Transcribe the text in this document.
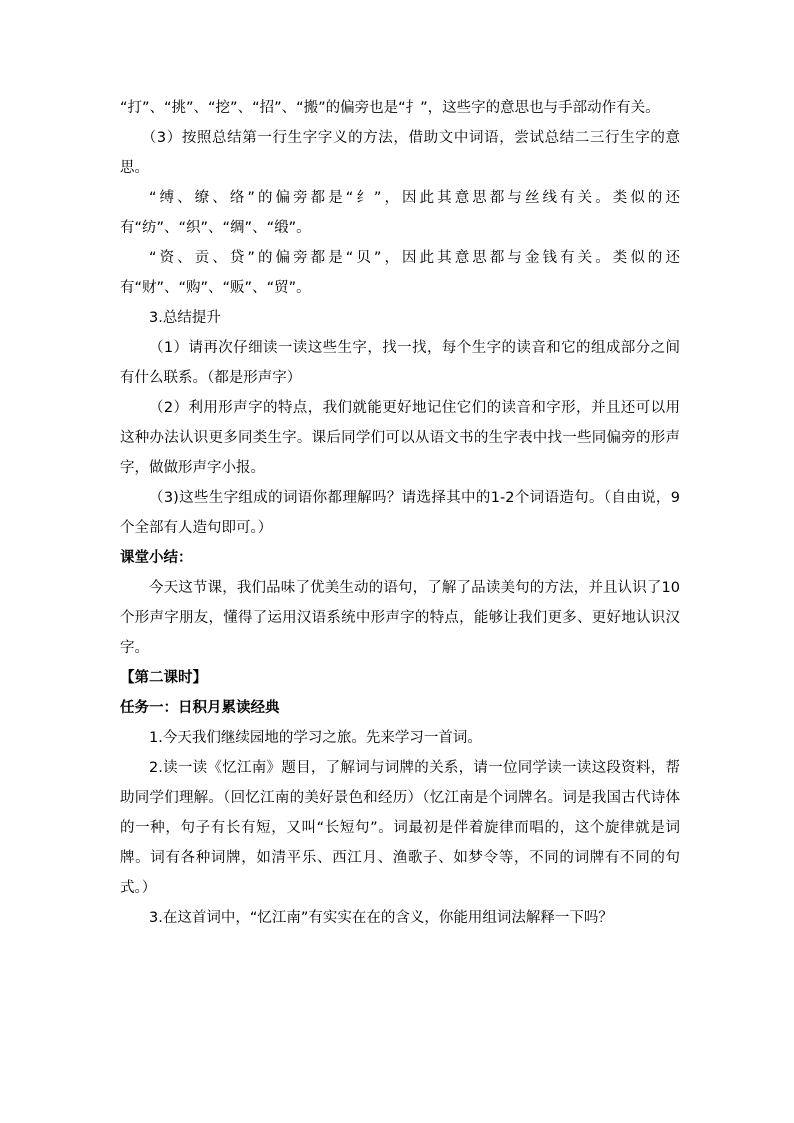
“打”、“挑”、“挖”、“招”、“搬”的偏旁也是“扌”，这些字的意思也与手部动作有关。

（3）按照总结第一行生字字义的方法，借助文中词语，尝试总结二三行生字的意思。

“缚、缭、络”的偏旁都是“纟”，因此其意思都与丝线有关。类似的还有“纺”、“织”、“绸”、“缎”。

“资、贡、贷”的偏旁都是“贝”，因此其意思都与金钱有关。类似的还有“财”、“购”、“贩”、“贸”。

3.总结提升

（1）请再次仔细读一读这些生字，找一找，每个生字的读音和它的组成部分之间有什么联系。（都是形声字）

（2）利用形声字的特点，我们就能更好地记住它们的读音和字形，并且还可以用这种办法认识更多同类生字。课后同学们可以从语文书的生字表中找一些同偏旁的形声字，做做形声字小报。

（3)这些生字组成的词语你都理解吗？请选择其中的1-2个词语造句。（自由说，9个全部有人造句即可。）

课堂小结：

今天这节课，我们品味了优美生动的语句，了解了品读美句的方法，并且认识了10个形声字朋友，懂得了运用汉语系统中形声字的特点，能够让我们更多、更好地认识汉字。

【第二课时】

任务一：日积月累读经典

1.今天我们继续园地的学习之旅。先来学习一首词。

2.读一读《忆江南》题目，了解词与词牌的关系，请一位同学读一读这段资料，帮助同学们理解。（回忆江南的美好景色和经历）（忆江南是个词牌名。词是我国古代诗体的一种，句子有长有短，又叫“长短句”。词最初是伴着旋律而唱的，这个旋律就是词牌。词有各种词牌，如清平乐、西江月、渔歌子、如梦令等，不同的词牌有不同的句式。）

3.在这首词中，“忆江南”有实实在在的含义，你能用组词法解释一下吗？
